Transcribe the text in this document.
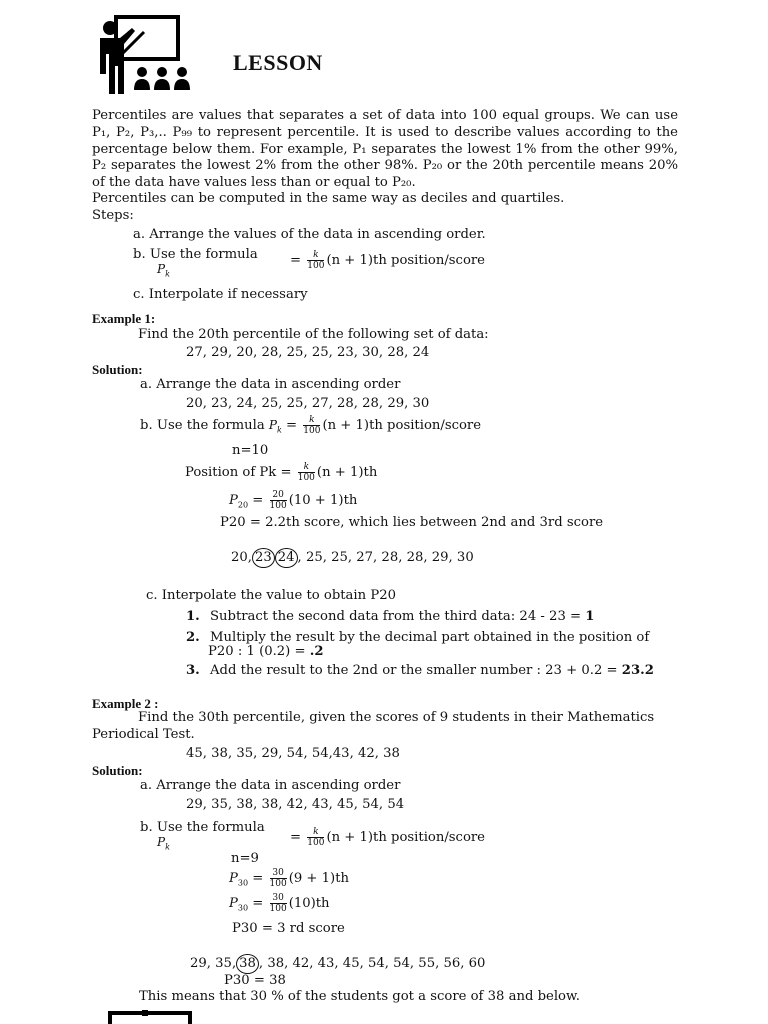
LESSON
Percentiles are values that separates a set of data into 100 equal groups. We can use P₁, P₂, P₃,.. P₉₉ to represent percentile. It is used to describe values according to the percentage below them. For example, P₁ separates the lowest 1% from the other 99%, P₂ separates the lowest 2% from the other 98%. P₂₀ or the 20th percentile means 20% of the data have values less than or equal to P₂₀.
Percentiles can be computed in the same way as deciles and quartiles.
Steps:
a. Arrange the values of the data in ascending order.
b. Use the formula
$P_k$
= $\frac{k}{100} (n + 1)th$ position/score
c. Interpolate if necessary
Example 1:
Find the 20th percentile of the following set of data:
27, 29, 20, 28, 25, 25, 23, 30, 28, 24
Solution:
a. Arrange the data in ascending order
20, 23, 24, 25, 25, 27, 28, 28, 29, 30
b. Use the formula $P_k = \frac{k}{100} (n + 1)th$ position/score
n=10
Position of $Pk = \frac{k}{100} (n + 1)th$
$P_{20} = \frac{20}{100} (10 + 1)th$
P20 = 2.2th score, which lies between 2nd and 3rd score
20, 23 24 , 25, 25, 27, 28, 28, 29, 30
c. Interpolate the value to obtain P20
1. Subtract the second data from the third data: 24 - 23 = 1
2. Multiply the result by the decimal part obtained in the position of
P20 : 1 (0.2) = .2
3. Add the result to the 2nd or the smaller number : 23 + 0.2 = 23.2
Example 2 :
Find the 30th percentile, given the scores of 9 students in their Mathematics
Periodical Test.
45, 38, 35, 29, 54, 54,43, 42, 38
Solution:
a. Arrange the data in ascending order
29, 35, 38, 38, 42, 43, 45, 54, 54
b. Use the formula
$P_k$
= $\frac{k}{100} (n + 1)th$ position/score
n=9
$P_{30} = \frac{30}{100} (9 + 1)th$
$P_{30} = \frac{30}{100} (10)th$
P30 = 3 rd score
29, 35, 38 , 38, 42, 43, 45, 54, 54, 55, 56, 60
P30 = 38
This means that 30 % of the students got a score of 38 and below.
